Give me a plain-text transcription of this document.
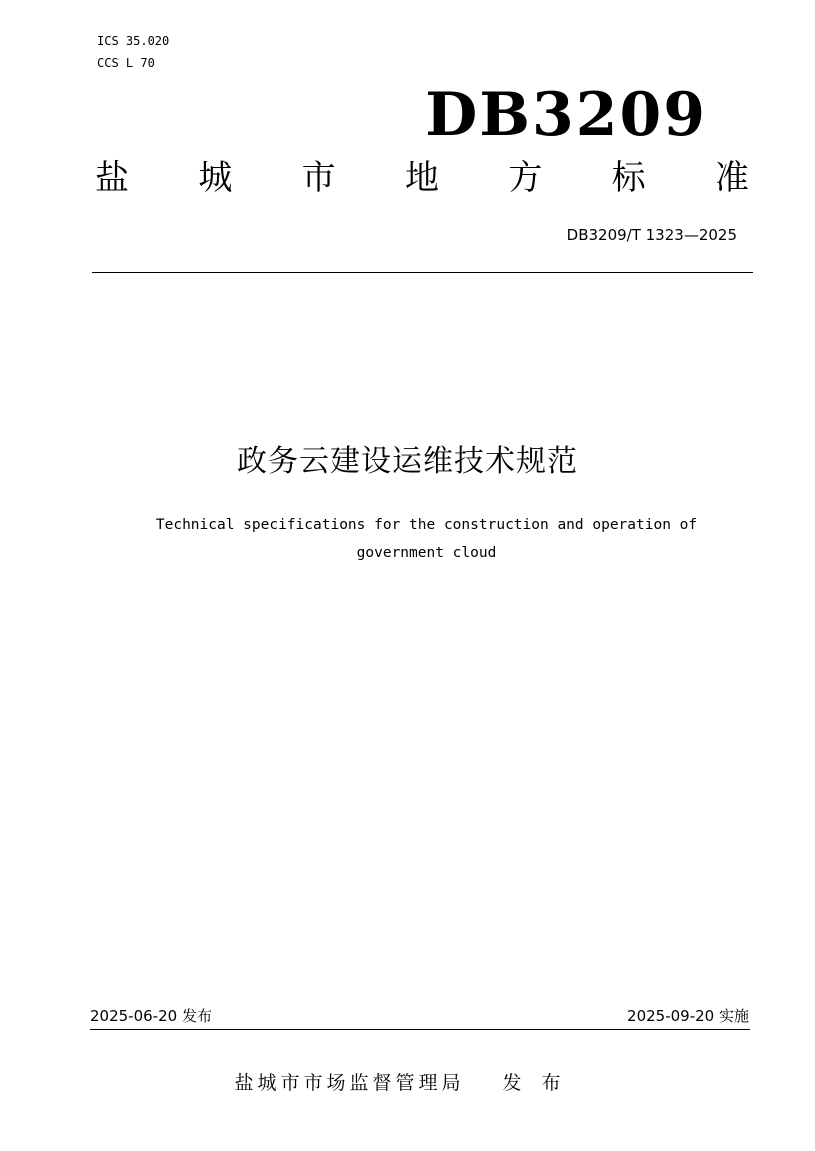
ICS 35.020
CCS L 70
DB3209
盐 城 市 地 方 标 准
DB3209/T 1323—2025
政务云建设运维技术规范
Technical specifications for the construction and operation of government cloud
2025-06-20 发布	2025-09-20 实施
盐城市市场监督管理局 发布
